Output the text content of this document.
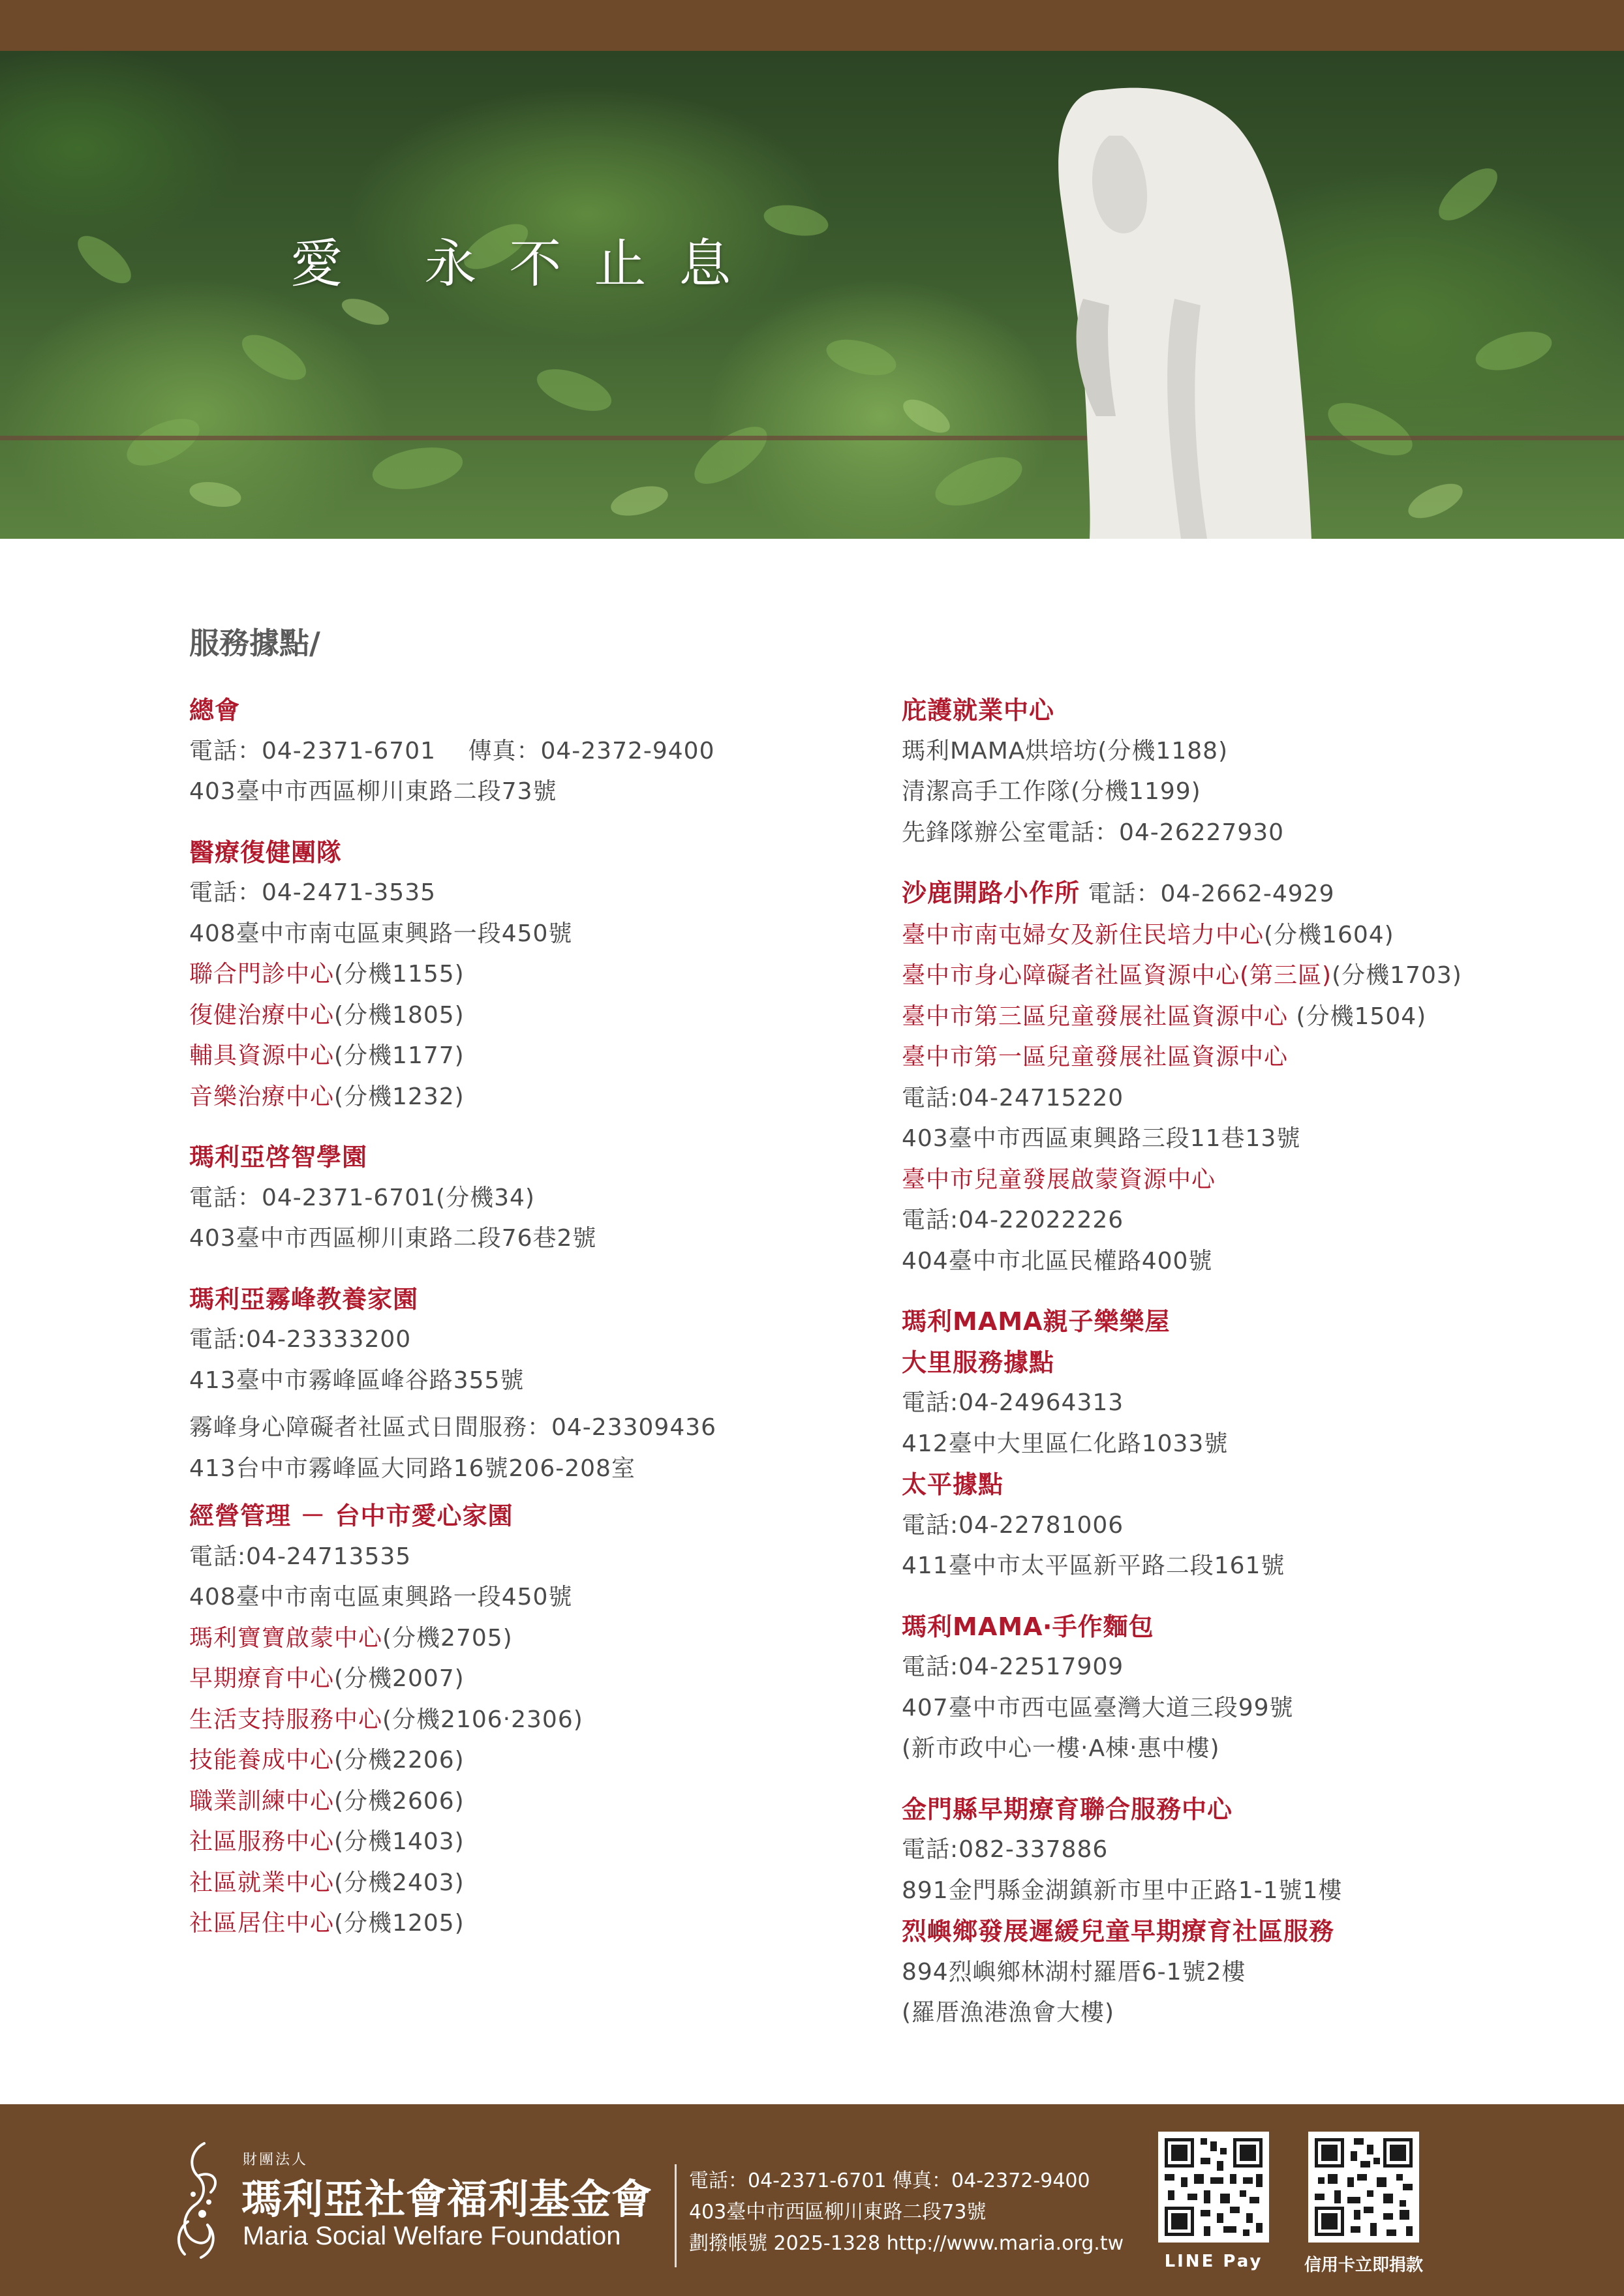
愛 永不止息
服務據點/

總會

電話：04-2371-6701　 傳真：04-2372-9400

403臺中市西區柳川東路二段73號

醫療復健團隊

電話：04-2471-3535

408臺中市南屯區東興路一段450號

聯合門診中心(分機1155)

復健治療中心(分機1805)

輔具資源中心(分機1177)

音樂治療中心(分機1232)

瑪利亞啓智學園

電話：04-2371-6701(分機34)

403臺中市西區柳川東路二段76巷2號

瑪利亞霧峰教養家園

電話:04-23333200

413臺中市霧峰區峰谷路355號

霧峰身心障礙者社區式日間服務：04-23309436

413台中市霧峰區大同路16號206-208室

經營管理 － 台中市愛心家園

電話:04-24713535

408臺中市南屯區東興路一段450號

瑪利寶寶啟蒙中心(分機2705)

早期療育中心(分機2007)

生活支持服務中心(分機2106‧2306)

技能養成中心(分機2206)

職業訓練中心(分機2606)

社區服務中心(分機1403)

社區就業中心(分機2403)

社區居住中心(分機1205)

庇護就業中心

瑪利MAMA烘培坊(分機1188)

清潔高手工作隊(分機1199)

先鋒隊辦公室電話：04-26227930

沙鹿開路小作所 電話：04-2662-4929

臺中市南屯婦女及新住民培力中心(分機1604)

臺中市身心障礙者社區資源中心(第三區)(分機1703)

臺中市第三區兒童發展社區資源中心 (分機1504)

臺中市第一區兒童發展社區資源中心

電話:04-24715220

403臺中市西區東興路三段11巷13號

臺中市兒童發展啟蒙資源中心

電話:04-22022226

404臺中市北區民權路400號

瑪利MAMA親子樂樂屋

大里服務據點

電話:04-24964313

412臺中大里區仁化路1033號

太平據點

電話:04-22781006

411臺中市太平區新平路二段161號

瑪利MAMA‧手作麵包

電話:04-22517909

407臺中市西屯區臺灣大道三段99號

(新市政中心一樓‧A棟‧惠中樓)

金門縣早期療育聯合服務中心

電話:082-337886

891金門縣金湖鎮新市里中正路1-1號1樓

烈嶼鄉發展遲緩兒童早期療育社區服務

894烈嶼鄉林湖村羅厝6-1號2樓

(羅厝漁港漁會大樓)

財團法人

瑪利亞社會福利基金會

Maria Social Welfare Foundation

電話：04-2371-6701 傳真：04-2372-9400

403臺中市西區柳川東路二段73號

劃撥帳號 2025-1328 http://www.maria.org.tw

LINE Pay	信用卡立即捐款
